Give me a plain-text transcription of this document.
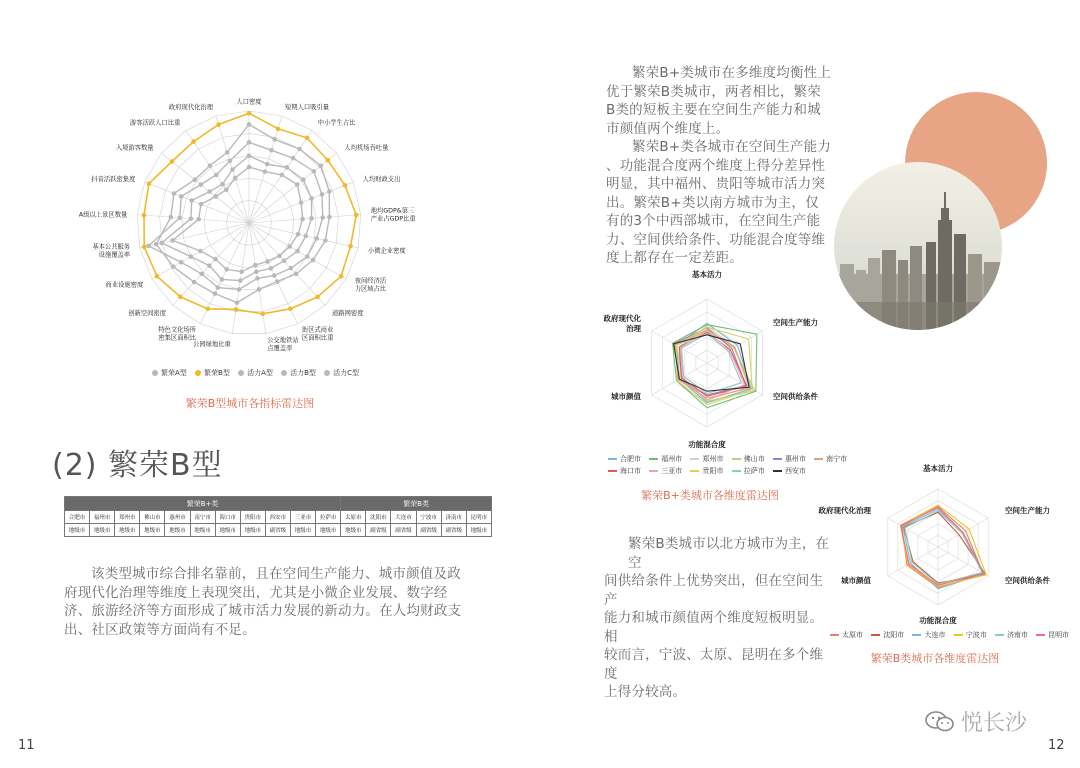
人口密度
短期人口吸引量
中小学生占比
人均机场吞吐量
人均财政支出
地均GDP&第三产业占GDP比重
小微企业密度
夜间经济活力区域占比
道路网密度
街区式商业区面积比重
公交地铁站点覆盖率
公园绿地比重
特色文化场所密集区面积比
创新空间密度
商业设施密度
基本公共服务设施覆盖率
A级以上景区数量
抖音活跃密集度
入境游客数量
游客活跃人口比重
政府现代化治理
繁荣A型
繁荣B型
活力A型
活力B型
活力C型
繁荣B型城市各指标雷达图
(2) 繁荣B型
繁荣B+类											繁荣B类					
合肥市	福州市	郑州市	佛山市	惠州市	南宁市	海口市	贵阳市	西安市	三亚市	拉萨市	太原市	沈阳市	大连市	宁波市	济南市	昆明市
地级市	地级市	地级市	地级市	地级市	地级市	地级市	地级市	副省级	地级市	地级市	地级市	副省级	副省级	副省级	副省级	地级市
该类型城市综合排名靠前，且在空间生产能力、城市颜值及政府现代化治理等维度上表现突出，尤其是小微企业发展、数字经济、旅游经济等方面形成了城市活力发展的新动力。在人均财政支出、社区政策等方面尚有不足。
11
繁荣B+类城市在多维度均衡性上
优于繁荣B类城市，两者相比，繁荣
B类的短板主要在空间生产能力和城
市颜值两个维度上。
繁荣B+类各城市在空间生产能力
、功能混合度两个维度上得分差异性
明显，其中福州、贵阳等城市活力突
出。繁荣B+类以南方城市为主，仅
有的3个中西部城市，在空间生产能
力、空间供给条件、功能混合度等维
度上都存在一定差距。
基本活力
空间生产能力
空间供给条件
功能混合度
城市颜值
政府现代化治理
合肥市
	福州市
	郑州市
	佛山市
	惠州市
	南宁市
海口市
	三亚市
	贵阳市
	拉萨市
	西安市
繁荣B+类城市各维度雷达图
基本活力
空间生产能力
空间供给条件
功能混合度
城市颜值
政府现代化治理
繁荣B类城市以北方城市为主，在空
间供给条件上优势突出，但在空间生产
能力和城市颜值两个维度短板明显。相
较而言，宁波、太原、昆明在多个维度
上得分较高。
太原市
	沈阳市
	大连市
	宁波市
	济南市
	昆明市
繁荣B类城市各维度雷达图
悦长沙
12
